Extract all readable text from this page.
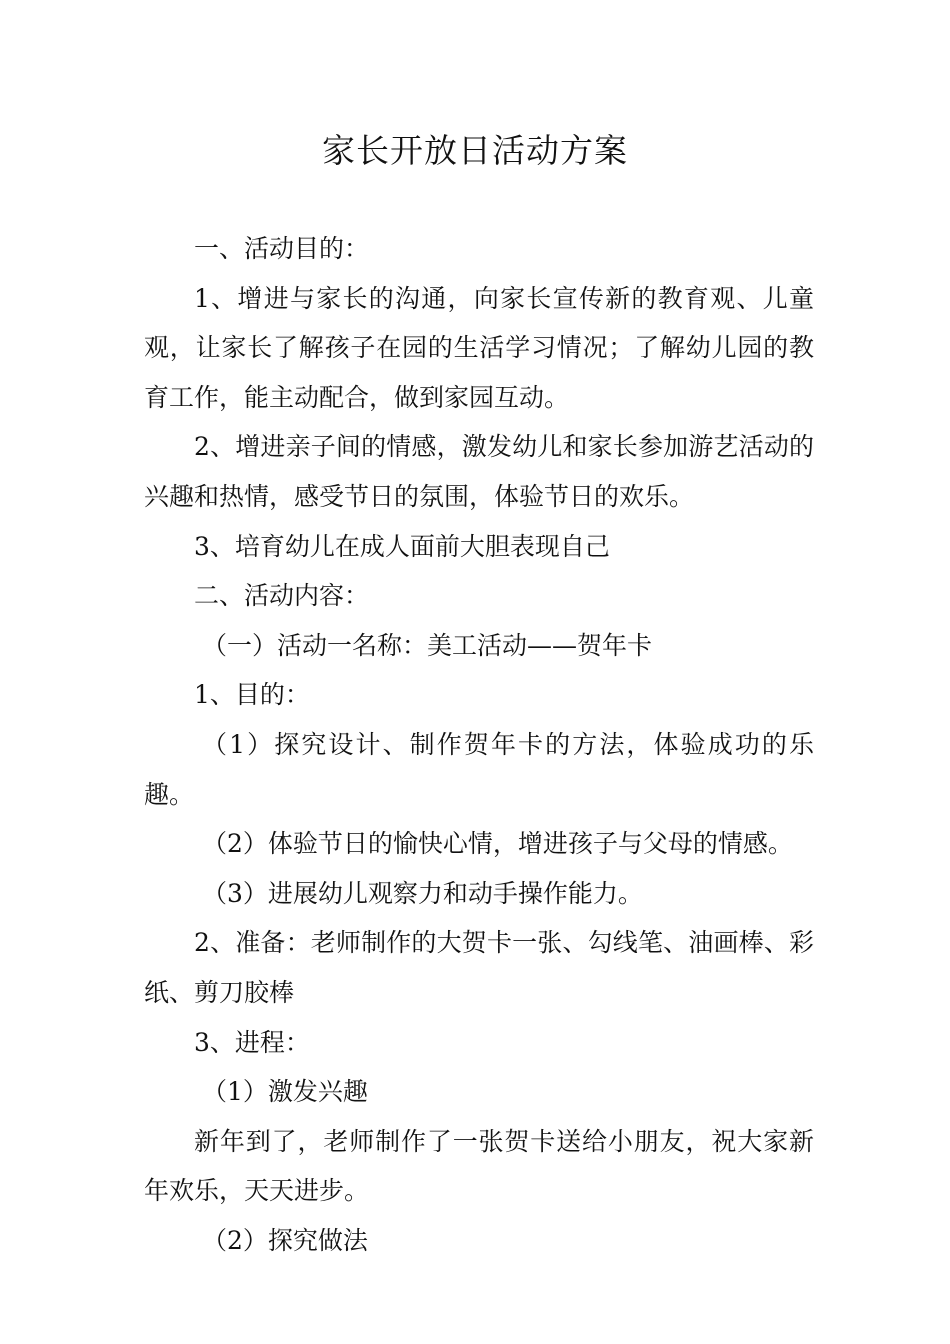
家长开放日活动方案

一、活动目的：

1、增进与家长的沟通，向家长宣传新的教育观、儿童观，让家长了解孩子在园的生活学习情况；了解幼儿园的教育工作，能主动配合，做到家园互动。

2、增进亲子间的情感，激发幼儿和家长参加游艺活动的兴趣和热情，感受节日的氛围，体验节日的欢乐。

3、培育幼儿在成人面前大胆表现自己

二、活动内容：

（一）活动一名称：美工活动——贺年卡

1、目的：

（1）探究设计、制作贺年卡的方法，体验成功的乐趣。

（2）体验节日的愉快心情，增进孩子与父母的情感。

（3）进展幼儿观察力和动手操作能力。

2、准备：老师制作的大贺卡一张、勾线笔、油画棒、彩纸、剪刀胶棒

3、进程：

（1）激发兴趣

新年到了，老师制作了一张贺卡送给小朋友，祝大家新年欢乐，天天进步。

（2）探究做法
